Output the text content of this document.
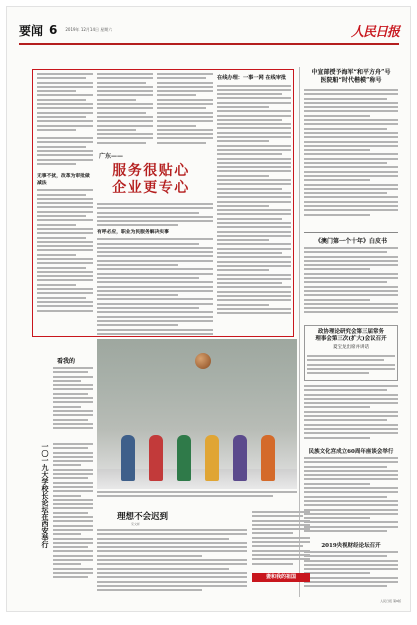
要闻 6 2019年 12月14日 星期六	人民日报
无事不扰，改革为审批做减法
在线办理：一事一网 在线审批
广东——
服务很贴心
企业更专心
有呼必应，职业为民服务解决实事
中宣部授予海军“和平方舟”号
医院船“时代楷模”称号
《澳门第一个十年》白皮书
政协理论研究会第三届常务
理事会第三次(扩大)会议召开
夏宝龙出席并讲话
民族文化宫成立60周年座谈会举行
2019央视财经论坛召开
看我的
一〇一九大学校长论坛在西安举行	理想不会迟到
宋文彬
妻和我的祖国
人民日报 第6版
